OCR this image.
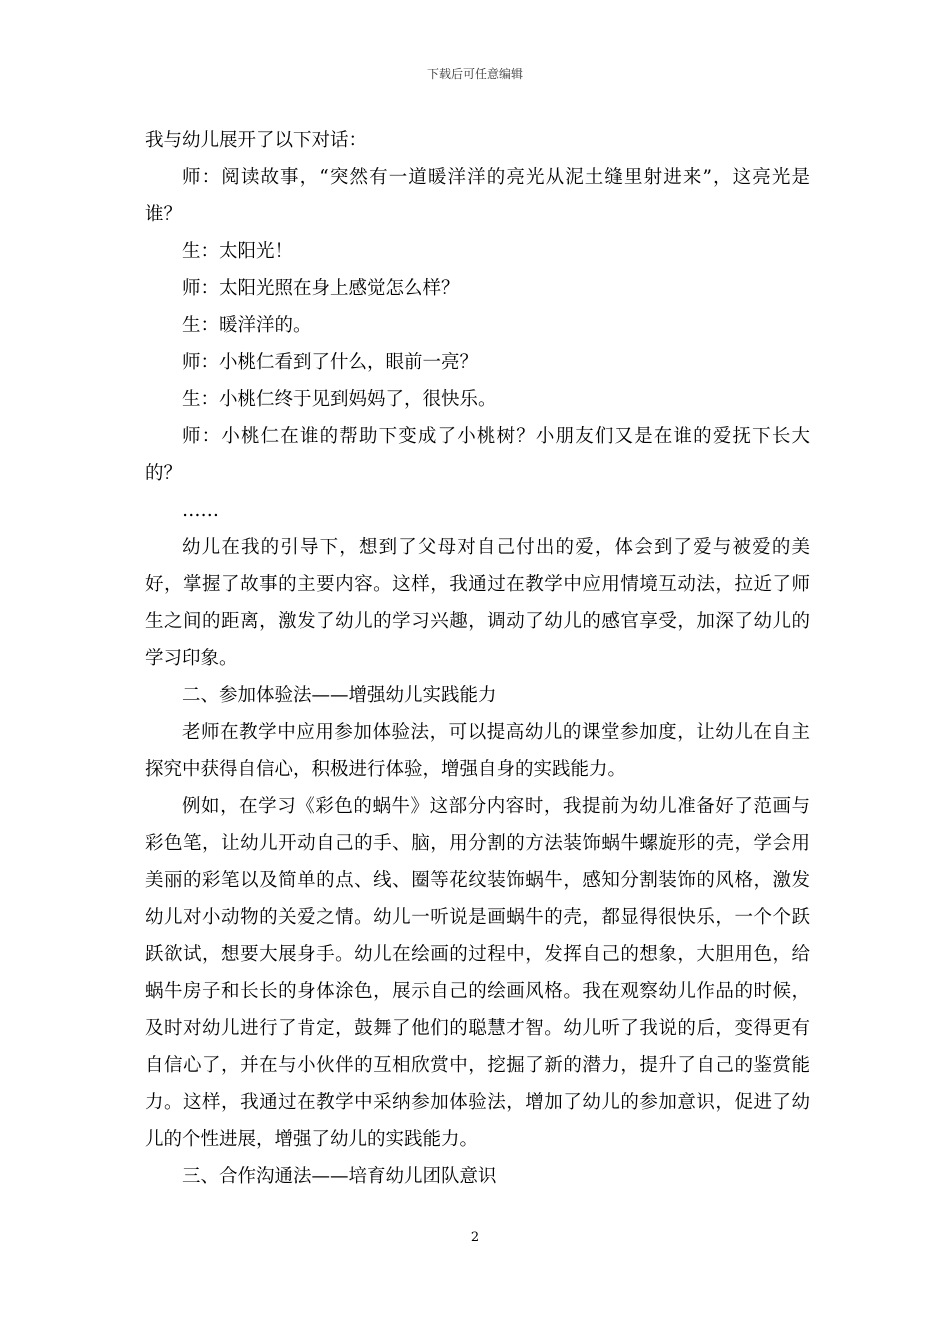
下载后可任意编辑

我与幼儿展开了以下对话：

师：阅读故事，“突然有一道暖洋洋的亮光从泥土缝里射进来”，这亮光是谁？

生：太阳光！

师：太阳光照在身上感觉怎么样？

生：暖洋洋的。

师：小桃仁看到了什么，眼前一亮？

生：小桃仁终于见到妈妈了，很快乐。

师：小桃仁在谁的帮助下变成了小桃树？小朋友们又是在谁的爱抚下长大的？

……

幼儿在我的引导下，想到了父母对自己付出的爱，体会到了爱与被爱的美好，掌握了故事的主要内容。这样，我通过在教学中应用情境互动法，拉近了师生之间的距离，激发了幼儿的学习兴趣，调动了幼儿的感官享受，加深了幼儿的学习印象。

二、参加体验法——增强幼儿实践能力

老师在教学中应用参加体验法，可以提高幼儿的课堂参加度，让幼儿在自主探究中获得自信心，积极进行体验，增强自身的实践能力。

例如，在学习《彩色的蜗牛》这部分内容时，我提前为幼儿准备好了范画与彩色笔，让幼儿开动自己的手、脑，用分割的方法装饰蜗牛螺旋形的壳，学会用美丽的彩笔以及简单的点、线、圈等花纹装饰蜗牛，感知分割装饰的风格，激发幼儿对小动物的关爱之情。幼儿一听说是画蜗牛的壳，都显得很快乐，一个个跃跃欲试，想要大展身手。幼儿在绘画的过程中，发挥自己的想象，大胆用色，给蜗牛房子和长长的身体涂色，展示自己的绘画风格。我在观察幼儿作品的时候，及时对幼儿进行了肯定，鼓舞了他们的聪慧才智。幼儿听了我说的后，变得更有自信心了，并在与小伙伴的互相欣赏中，挖掘了新的潜力，提升了自己的鉴赏能力。这样，我通过在教学中采纳参加体验法，增加了幼儿的参加意识，促进了幼儿的个性进展，增强了幼儿的实践能力。

三、合作沟通法——培育幼儿团队意识

2
